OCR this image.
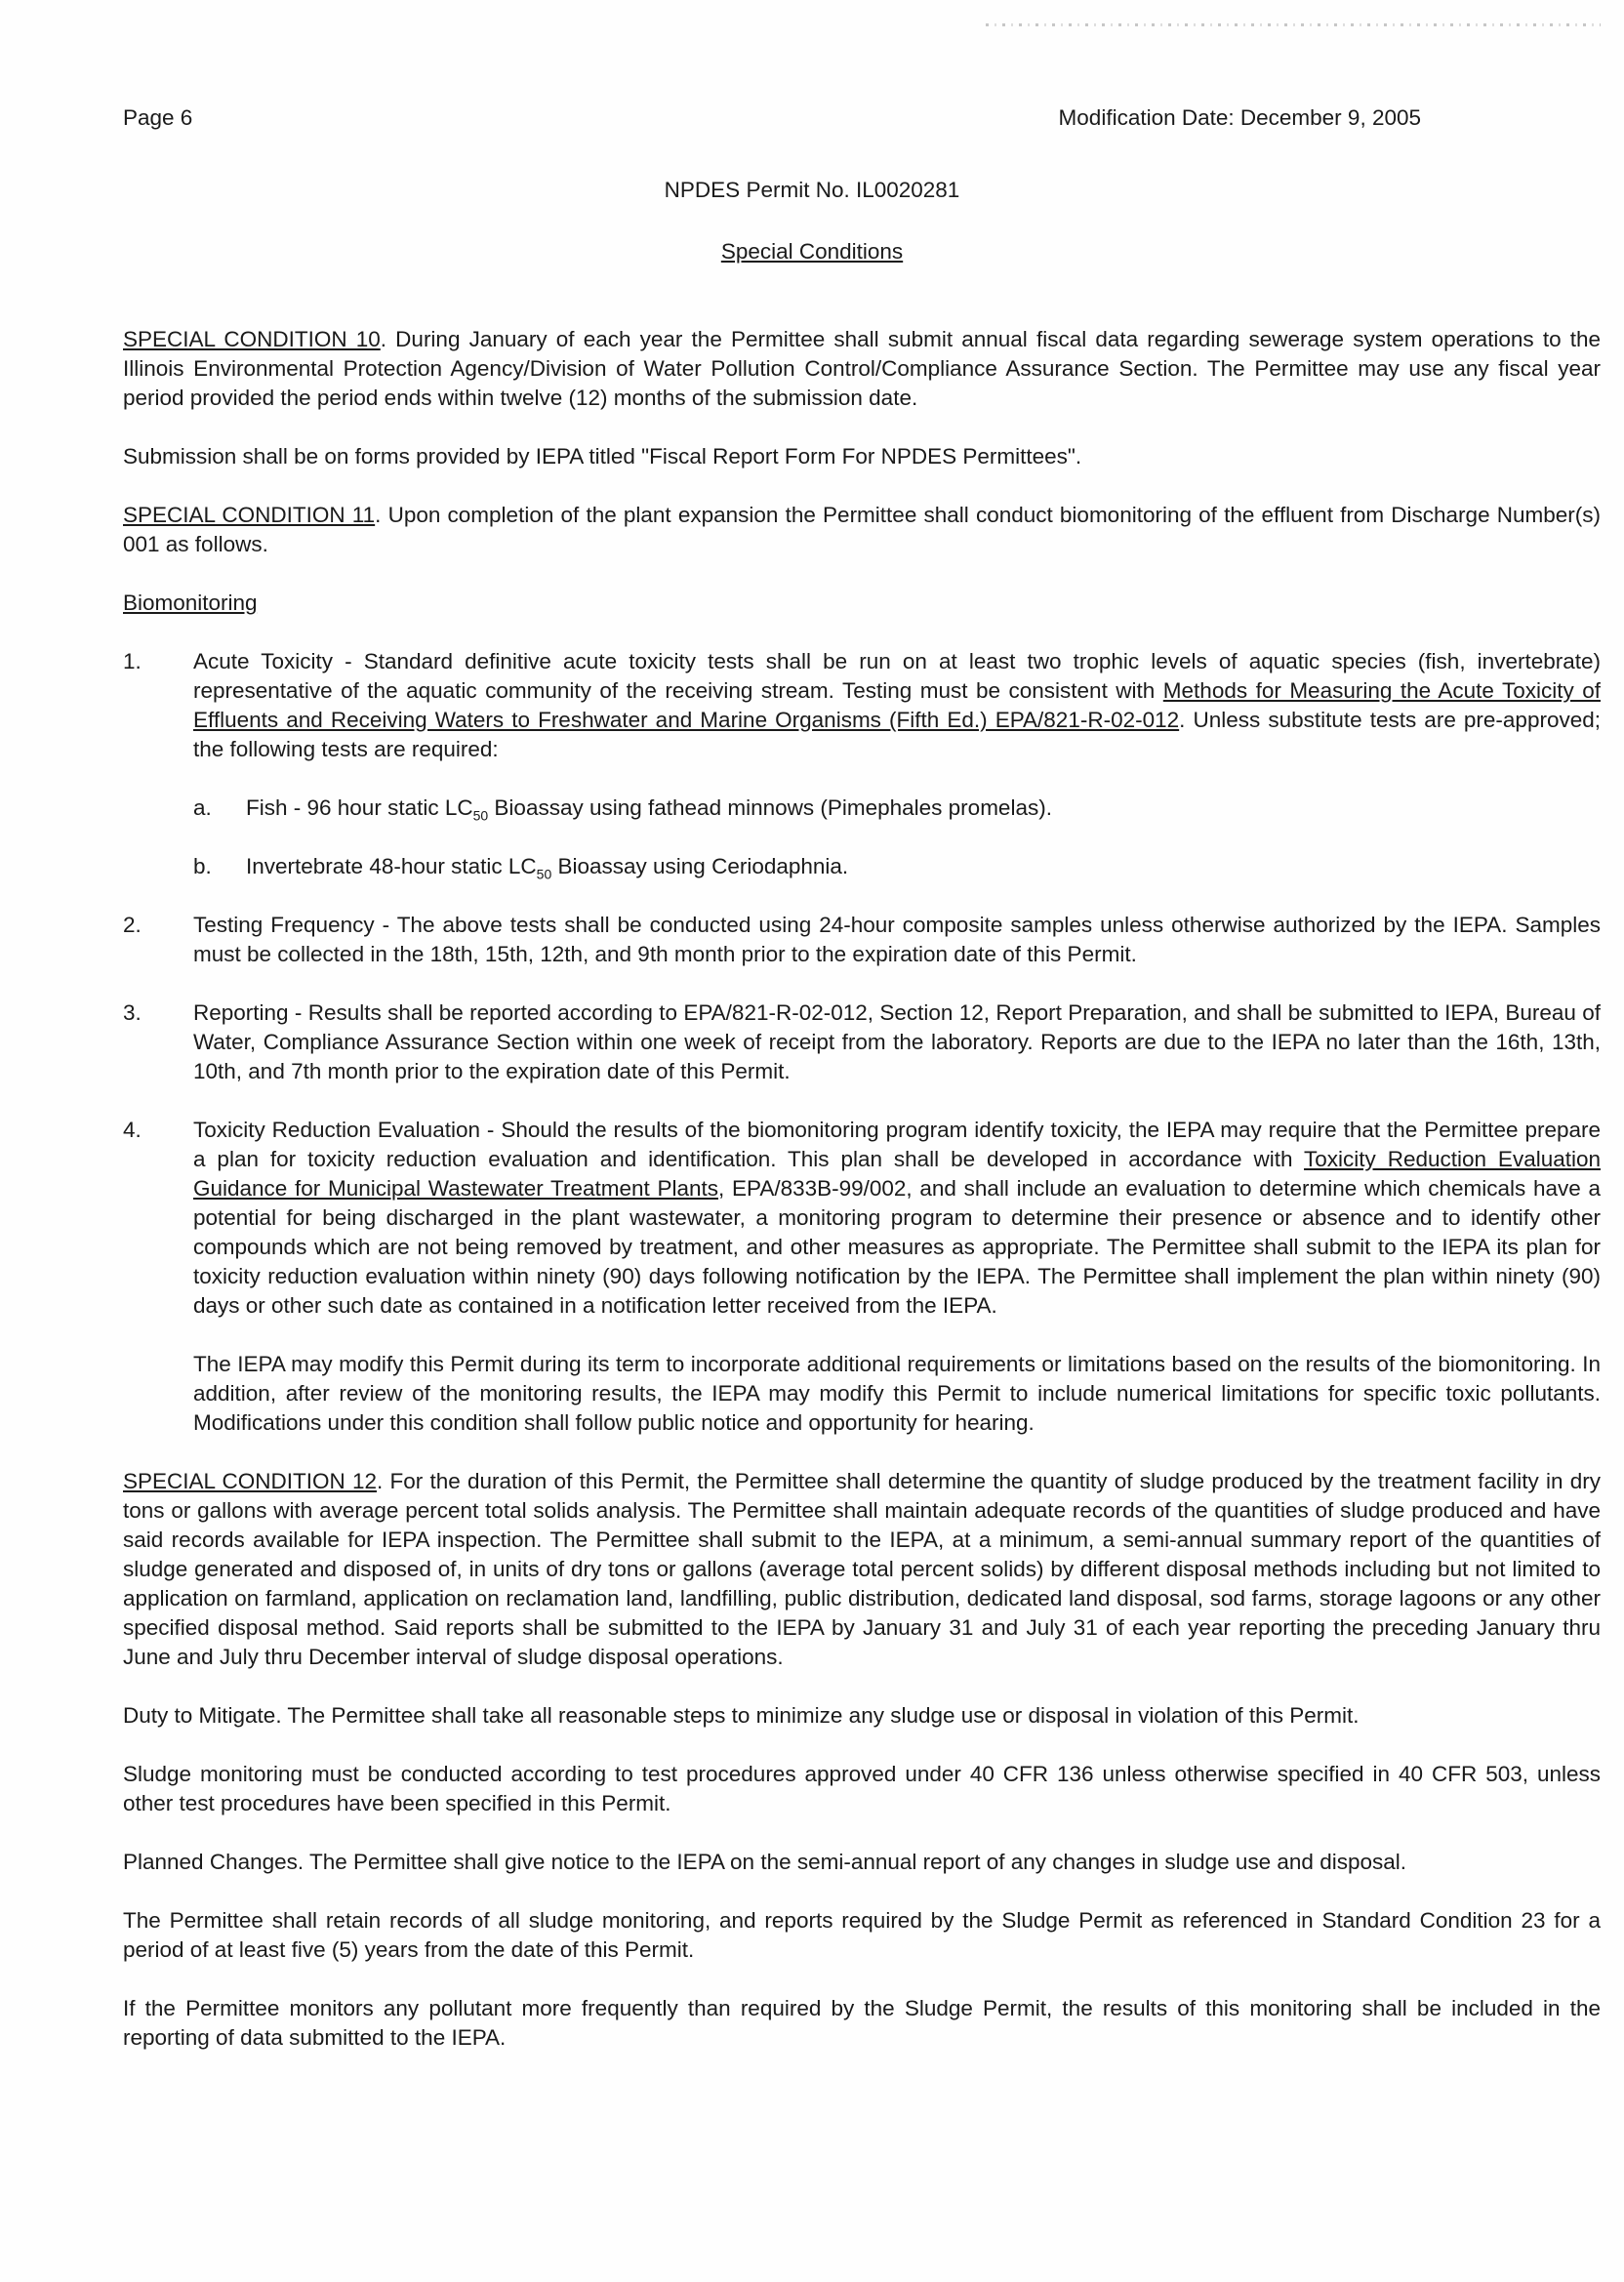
Page 6	Modification Date: December 9, 2005
NPDES Permit No. IL0020281
Special Conditions

SPECIAL CONDITION 10. During January of each year the Permittee shall submit annual fiscal data regarding sewerage system operations to the Illinois Environmental Protection Agency/Division of Water Pollution Control/Compliance Assurance Section. The Permittee may use any fiscal year period provided the period ends within twelve (12) months of the submission date.

Submission shall be on forms provided by IEPA titled "Fiscal Report Form For NPDES Permittees".

SPECIAL CONDITION 11. Upon completion of the plant expansion the Permittee shall conduct biomonitoring of the effluent from Discharge Number(s) 001 as follows.

Biomonitoring

1.	Acute Toxicity - Standard definitive acute toxicity tests shall be run on at least two trophic levels of aquatic species (fish, invertebrate) representative of the aquatic community of the receiving stream. Testing must be consistent with Methods for Measuring the Acute Toxicity of Effluents and Receiving Waters to Freshwater and Marine Organisms (Fifth Ed.) EPA/821-R-02-012. Unless substitute tests are pre-approved; the following tests are required:
a.	Fish - 96 hour static $LC_{50}$ Bioassay using fathead minnows (Pimephales promelas).
b.	Invertebrate 48-hour static $LC_{50}$ Bioassay using Ceriodaphnia.
2.	Testing Frequency - The above tests shall be conducted using 24-hour composite samples unless otherwise authorized by the IEPA. Samples must be collected in the 18th, 15th, 12th, and 9th month prior to the expiration date of this Permit.
3.	Reporting - Results shall be reported according to EPA/821-R-02-012, Section 12, Report Preparation, and shall be submitted to IEPA, Bureau of Water, Compliance Assurance Section within one week of receipt from the laboratory. Reports are due to the IEPA no later than the 16th, 13th, 10th, and 7th month prior to the expiration date of this Permit.
4.	Toxicity Reduction Evaluation - Should the results of the biomonitoring program identify toxicity, the IEPA may require that the Permittee prepare a plan for toxicity reduction evaluation and identification. This plan shall be developed in accordance with Toxicity Reduction Evaluation Guidance for Municipal Wastewater Treatment Plants, EPA/833B-99/002, and shall include an evaluation to determine which chemicals have a potential for being discharged in the plant wastewater, a monitoring program to determine their presence or absence and to identify other compounds which are not being removed by treatment, and other measures as appropriate. The Permittee shall submit to the IEPA its plan for toxicity reduction evaluation within ninety (90) days following notification by the IEPA. The Permittee shall implement the plan within ninety (90) days or other such date as contained in a notification letter received from the IEPA.

The IEPA may modify this Permit during its term to incorporate additional requirements or limitations based on the results of the biomonitoring. In addition, after review of the monitoring results, the IEPA may modify this Permit to include numerical limitations for specific toxic pollutants. Modifications under this condition shall follow public notice and opportunity for hearing.

SPECIAL CONDITION 12. For the duration of this Permit, the Permittee shall determine the quantity of sludge produced by the treatment facility in dry tons or gallons with average percent total solids analysis. The Permittee shall maintain adequate records of the quantities of sludge produced and have said records available for IEPA inspection. The Permittee shall submit to the IEPA, at a minimum, a semi-annual summary report of the quantities of sludge generated and disposed of, in units of dry tons or gallons (average total percent solids) by different disposal methods including but not limited to application on farmland, application on reclamation land, landfilling, public distribution, dedicated land disposal, sod farms, storage lagoons or any other specified disposal method. Said reports shall be submitted to the IEPA by January 31 and July 31 of each year reporting the preceding January thru June and July thru December interval of sludge disposal operations.

Duty to Mitigate. The Permittee shall take all reasonable steps to minimize any sludge use or disposal in violation of this Permit.

Sludge monitoring must be conducted according to test procedures approved under 40 CFR 136 unless otherwise specified in 40 CFR 503, unless other test procedures have been specified in this Permit.

Planned Changes. The Permittee shall give notice to the IEPA on the semi-annual report of any changes in sludge use and disposal.

The Permittee shall retain records of all sludge monitoring, and reports required by the Sludge Permit as referenced in Standard Condition 23 for a period of at least five (5) years from the date of this Permit.

If the Permittee monitors any pollutant more frequently than required by the Sludge Permit, the results of this monitoring shall be included in the reporting of data submitted to the IEPA.
